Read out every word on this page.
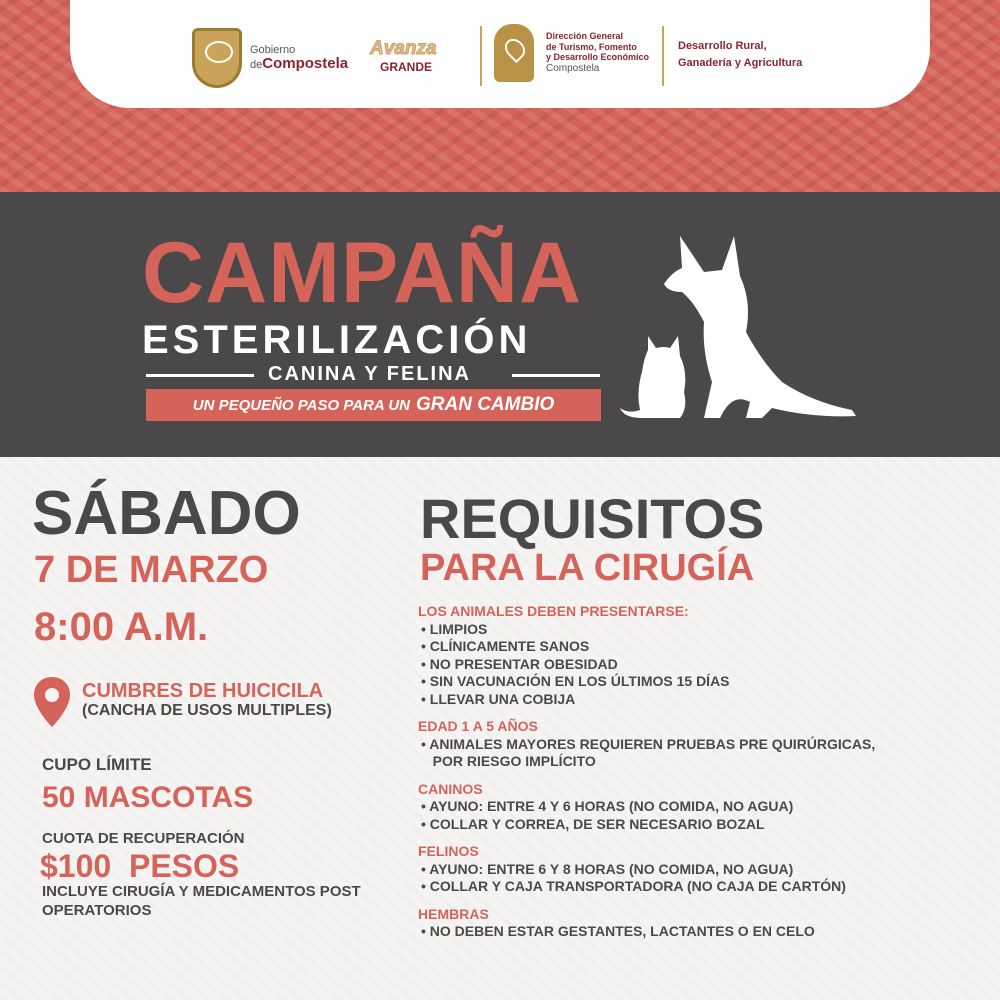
Gobierno
deCompostela
Avanza
GRANDE
Dirección General
de Turismo, Fomento
y Desarrollo Económico
Compostela
Desarrollo Rural,
Ganadería y Agricultura
CAMPAÑA
ESTERILIZACIÓN
CANINA Y FELINA
UN PEQUEÑO PASO PARA UN GRAN CAMBIO
SÁBADO
7 DE MARZO
8:00 A.M.
CUMBRES DE HUICICILA
(CANCHA DE USOS MULTIPLES)
CUPO LÍMITE
50 MASCOTAS
CUOTA DE RECUPERACIÓN
$100  PESOS
INCLUYE CIRUGÍA Y MEDICAMENTOS POST OPERATORIOS
REQUISITOS
PARA LA CIRUGÍA
LOS ANIMALES DEBEN PRESENTARSE:
• LIMPIOS
• CLÍNICAMENTE SANOS
• NO PRESENTAR OBESIDAD
• SIN VACUNACIÓN EN LOS ÚLTIMOS 15 DÍAS
• LLEVAR UNA COBIJA
EDAD 1 A 5 AÑOS
• ANIMALES MAYORES REQUIEREN PRUEBAS PRE QUIRÚRGICAS,
POR RIESGO IMPLÍCITO
CANINOS
• AYUNO: ENTRE 4 Y 6 HORAS (NO COMIDA, NO AGUA)
• COLLAR Y CORREA, DE SER NECESARIO BOZAL
FELINOS
• AYUNO: ENTRE 6 Y 8 HORAS (NO COMIDA, NO AGUA)
• COLLAR Y CAJA TRANSPORTADORA (NO CAJA DE CARTÓN)
HEMBRAS
• NO DEBEN ESTAR GESTANTES, LACTANTES O EN CELO
